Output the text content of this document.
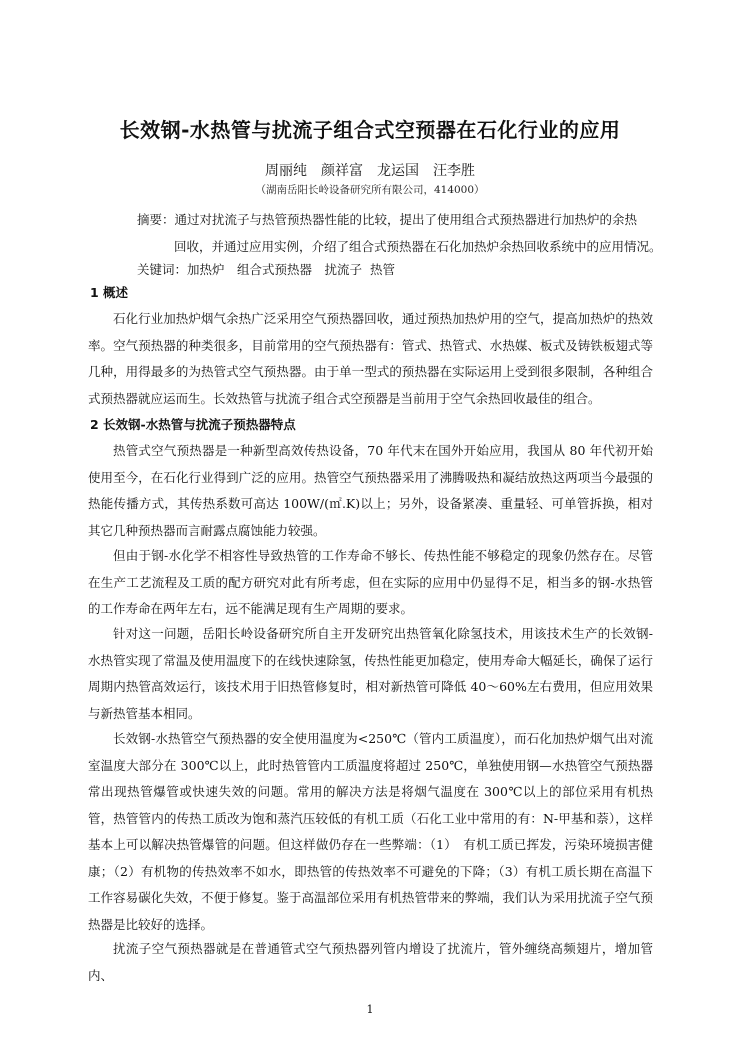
长效钢-水热管与扰流子组合式空预器在石化行业的应用
周丽纯　颜祥富　龙运国　汪李胜
（湖南岳阳长岭设备研究所有限公司，414000）
摘要：通过对扰流子与热管预热器性能的比较，提出了使用组合式预热器进行加热炉的余热
回收，并通过应用实例，介绍了组合式预热器在石化加热炉余热回收系统中的应用情况。
关键词：加热炉　组合式预热器　扰流子  热管
1 概述
石化行业加热炉烟气余热广泛采用空气预热器回收，通过预热加热炉用的空气，提高加热炉的热效率。空气预热器的种类很多，目前常用的空气预热器有：管式、热管式、水热媒、板式及铸铁板翅式等几种，用得最多的为热管式空气预热器。由于单一型式的预热器在实际运用上受到很多限制，各种组合式预热器就应运而生。长效热管与扰流子组合式空预器是当前用于空气余热回收最佳的组合。
2 长效钢-水热管与扰流子预热器特点
热管式空气预热器是一种新型高效传热设备，70 年代末在国外开始应用，我国从 80 年代初开始使用至今，在石化行业得到广泛的应用。热管空气预热器采用了沸腾吸热和凝结放热这两项当今最强的热能传播方式，其传热系数可高达 100W/(㎡.K)以上；另外，设备紧凑、重量轻、可单管拆换，相对其它几种预热器而言耐露点腐蚀能力较强。
但由于钢-水化学不相容性导致热管的工作寿命不够长、传热性能不够稳定的现象仍然存在。尽管在生产工艺流程及工质的配方研究对此有所考虑，但在实际的应用中仍显得不足，相当多的钢-水热管的工作寿命在两年左右，远不能满足现有生产周期的要求。
针对这一问题，岳阳长岭设备研究所自主开发研究出热管氧化除氢技术，用该技术生产的长效钢-水热管实现了常温及使用温度下的在线快速除氢，传热性能更加稳定，使用寿命大幅延长，确保了运行周期内热管高效运行，该技术用于旧热管修复时，相对新热管可降低 40～60%左右费用，但应用效果与新热管基本相同。
长效钢-水热管空气预热器的安全使用温度为<250℃（管内工质温度），而石化加热炉烟气出对流室温度大部分在 300℃以上，此时热管管内工质温度将超过 250℃，单独使用钢—水热管空气预热器常出现热管爆管或快速失效的问题。常用的解决方法是将烟气温度在 300℃以上的部位采用有机热管，热管管内的传热工质改为饱和蒸汽压较低的有机工质（石化工业中常用的有：N-甲基和萘），这样基本上可以解决热管爆管的问题。但这样做仍存在一些弊端：（1）　有机工质已挥发，污染环境损害健康；（2）有机物的传热效率不如水，即热管的传热效率不可避免的下降；（3）有机工质长期在高温下工作容易碳化失效，不便于修复。鉴于高温部位采用有机热管带来的弊端，我们认为采用扰流子空气预热器是比较好的选择。
扰流子空气预热器就是在普通管式空气预热器列管内增设了扰流片，管外缠绕高频翅片，增加管内、
1
